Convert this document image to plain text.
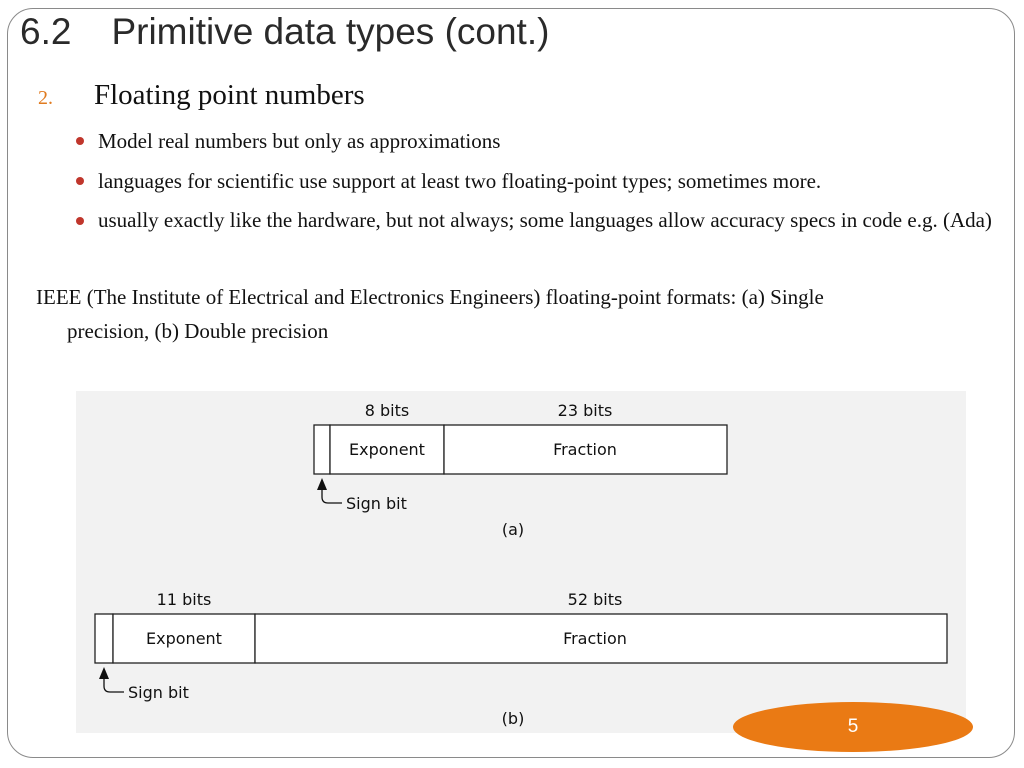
6.2 Primitive data types (cont.)
2. Floating point numbers
Model real numbers but only as approximations
languages for scientific use support at least two floating-point types; sometimes more.
usually exactly like the hardware, but not always; some languages allow accuracy specs in code e.g. (Ada)
IEEE (The Institute of Electrical and Electronics Engineers) floating-point formats: (a) Single
precision, (b) Double precision
8 bits	23 bits
Exponent	Fraction
Sign bit
(a)
11 bits	52 bits
Exponent	Fraction
Sign bit
(b)	5
